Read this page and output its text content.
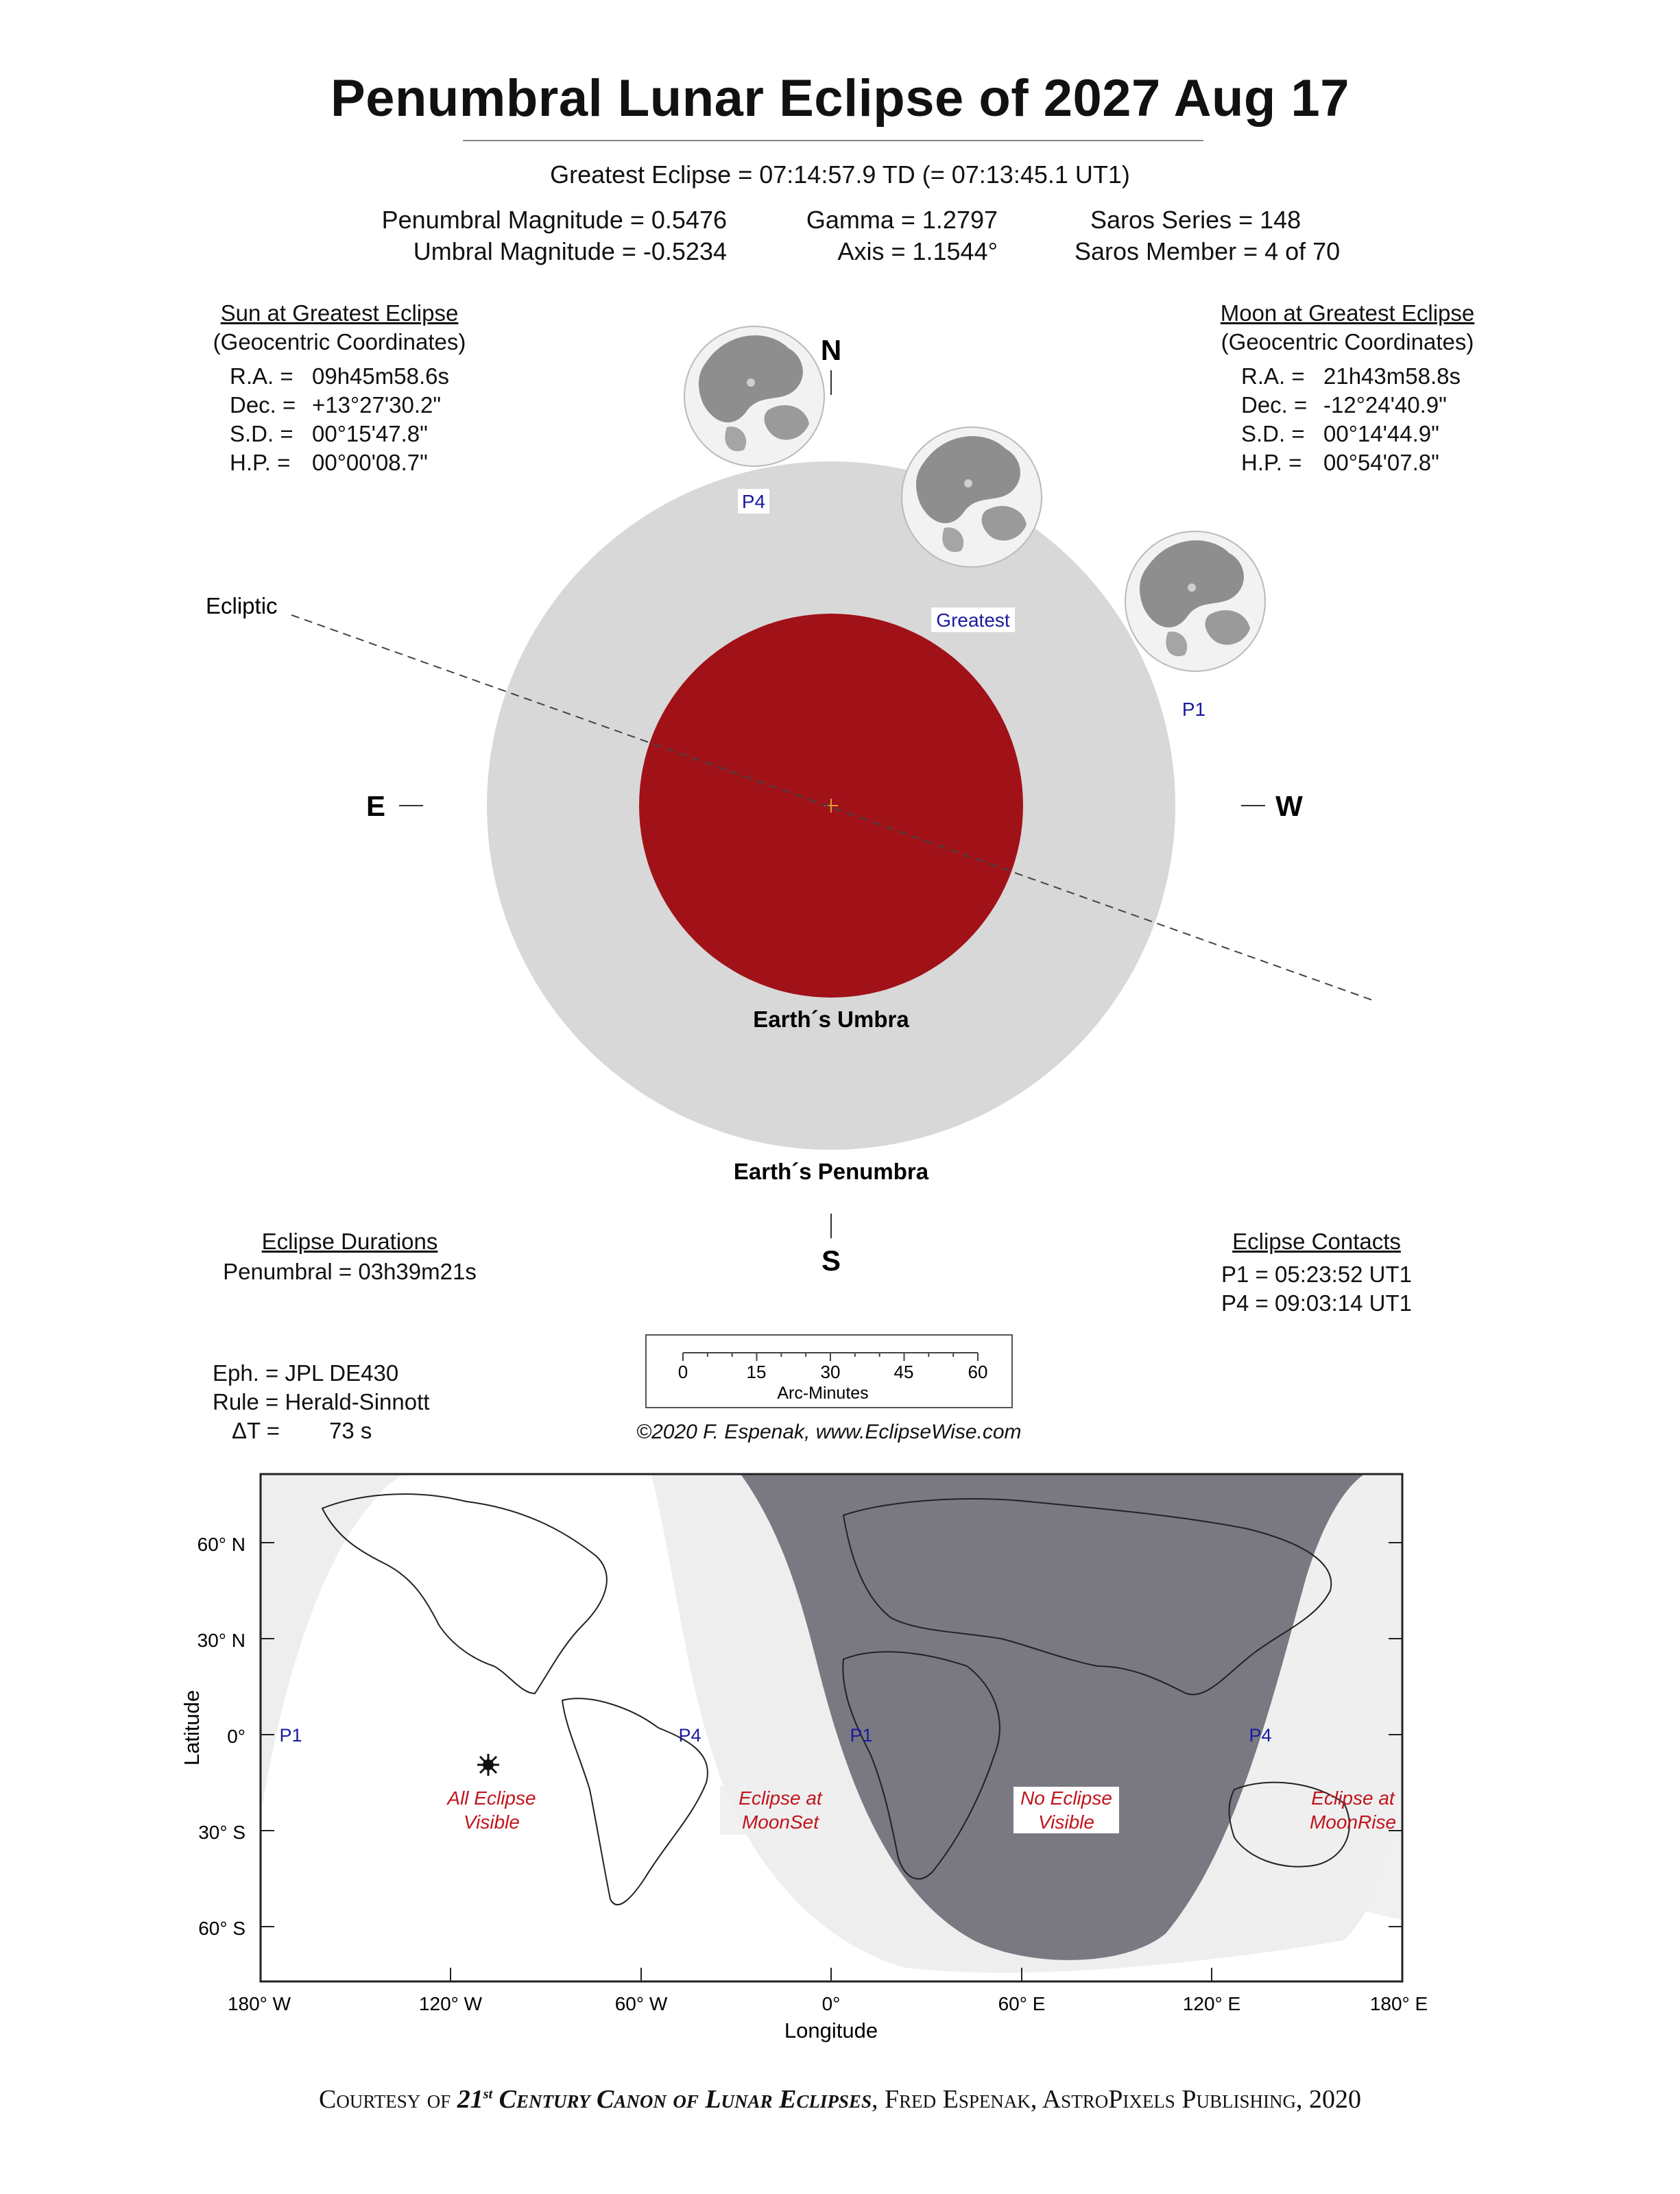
Penumbral Lunar Eclipse of 2027 Aug 17
Greatest Eclipse = 07:14:57.9 TD (= 07:13:45.1 UT1)
Penumbral Magnitude = 0.5476
Umbral Magnitude = -0.5234
Gamma = 1.2797
Axis = 1.1544°
Saros Series = 148
Saros Member = 4 of 70
Sun at Greatest Eclipse
(Geocentric Coordinates)
R.A. = 09h45m58.6s
Dec. = +13°27'30.2"
S.D. = 00°15'47.8"
H.P. = 00°00'08.7"
Moon at Greatest Eclipse
(Geocentric Coordinates)
R.A. = 21h43m58.8s
Dec. = -12°24'40.9"
S.D. = 00°14'44.9"
H.P. = 00°54'07.8"
N
S
E	W
Ecliptic
Earth´s Umbra
Earth´s Penumbra
P4
Greatest
P1
Eclipse Durations
Penumbral = 03h39m21s
Eclipse Contacts
P1 = 05:23:52 UT1
P4 = 09:03:14 UT1
Eph. = JPL DE430
Rule = Herald-Sinnott
ΔT = 73 s
0	15	30	45	60
Arc-Minutes
©2020 F. Espenak, www.EclipseWise.com
60° N
30° N
0°
30° S
60° S
180° W	120° W	60° W	0°	60° E	120° E	180° E
Longitude
Latitude	P1	P4	P1	P4
All Eclipse
Visible
Eclipse at
MoonSet
No Eclipse
Visible
Eclipse at
MoonRise
Courtesy of 21st Century Canon of Lunar Eclipses, Fred Espenak, AstroPixels Publishing, 2020
